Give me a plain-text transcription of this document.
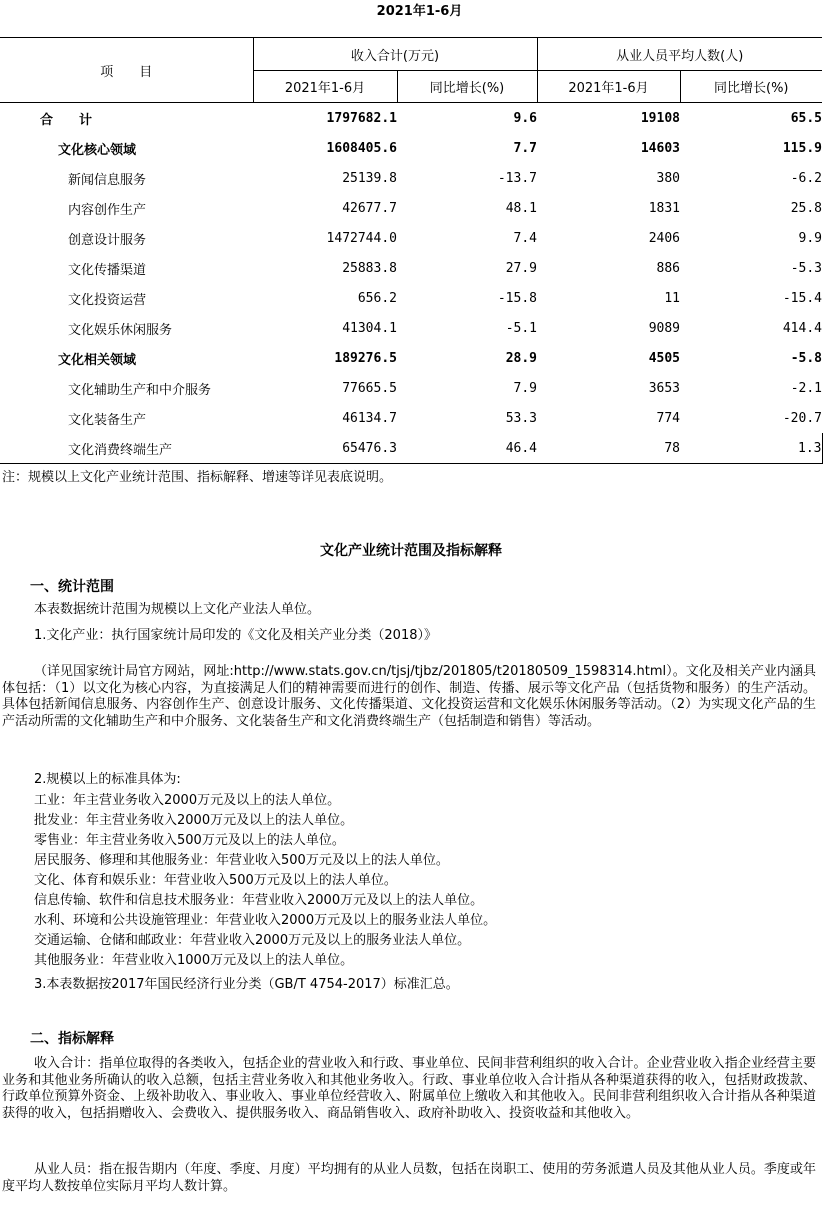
2021年1-6月
项　　目	收入合计(万元)		从业人员平均人数(人)	
	2021年1-6月	同比增长(%)	2021年1-6月	同比增长(%)
合　　计	1797682.1	9.6	19108	65.5
文化核心领域	1608405.6	7.7	14603	115.9
新闻信息服务	25139.8	-13.7	380	-6.2
内容创作生产	42677.7	48.1	1831	25.8
创意设计服务	1472744.0	7.4	2406	9.9
文化传播渠道	25883.8	27.9	886	-5.3
文化投资运营	656.2	-15.8	11	-15.4
文化娱乐休闲服务	41304.1	-5.1	9089	414.4
文化相关领域	189276.5	28.9	4505	-5.8
文化辅助生产和中介服务	77665.5	7.9	3653	-2.1
文化装备生产	46134.7	53.3	774	-20.7
文化消费终端生产	65476.3	46.4	78	1.3
注：规模以上文化产业统计范围、指标解释、增速等详见表底说明。
文化产业统计范围及指标解释
一、统计范围
本表数据统计范围为规模以上文化产业法人单位。
1.文化产业：执行国家统计局印发的《文化及相关产业分类（2018）》
（详见国家统计局官方网站，网址:http://www.stats.gov.cn/tjsj/tjbz/201805/t20180509_1598314.html）。文化及相关产业内涵具体包括：（1）以文化为核心内容，为直接满足人们的精神需要而进行的创作、制造、传播、展示等文化产品（包括货物和服务）的生产活动。具体包括新闻信息服务、内容创作生产、创意设计服务、文化传播渠道、文化投资运营和文化娱乐休闲服务等活动。（2）为实现文化产品的生产活动所需的文化辅助生产和中介服务、文化装备生产和文化消费终端生产（包括制造和销售）等活动。
2.规模以上的标准具体为:
工业：年主营业务收入2000万元及以上的法人单位。
批发业：年主营业务收入2000万元及以上的法人单位。
零售业：年主营业务收入500万元及以上的法人单位。
居民服务、修理和其他服务业：年营业收入500万元及以上的法人单位。
文化、体育和娱乐业：年营业收入500万元及以上的法人单位。
信息传输、软件和信息技术服务业：年营业收入2000万元及以上的法人单位。
水利、环境和公共设施管理业：年营业收入2000万元及以上的服务业法人单位。
交通运输、仓储和邮政业：年营业收入2000万元及以上的服务业法人单位。
其他服务业：年营业收入1000万元及以上的法人单位。
3.本表数据按2017年国民经济行业分类（GB/T 4754-2017）标准汇总。
二、指标解释
收入合计：指单位取得的各类收入，包括企业的营业收入和行政、事业单位、民间非营利组织的收入合计。企业营业收入指企业经营主要业务和其他业务所确认的收入总额，包括主营业务收入和其他业务收入。行政、事业单位收入合计指从各种渠道获得的收入，包括财政拨款、行政单位预算外资金、上级补助收入、事业收入、事业单位经营收入、附属单位上缴收入和其他收入。民间非营利组织收入合计指从各种渠道获得的收入，包括捐赠收入、会费收入、提供服务收入、商品销售收入、政府补助收入、投资收益和其他收入。
从业人员：指在报告期内（年度、季度、月度）平均拥有的从业人员数，包括在岗职工、使用的劳务派遣人员及其他从业人员。季度或年度平均人数按单位实际月平均人数计算。
